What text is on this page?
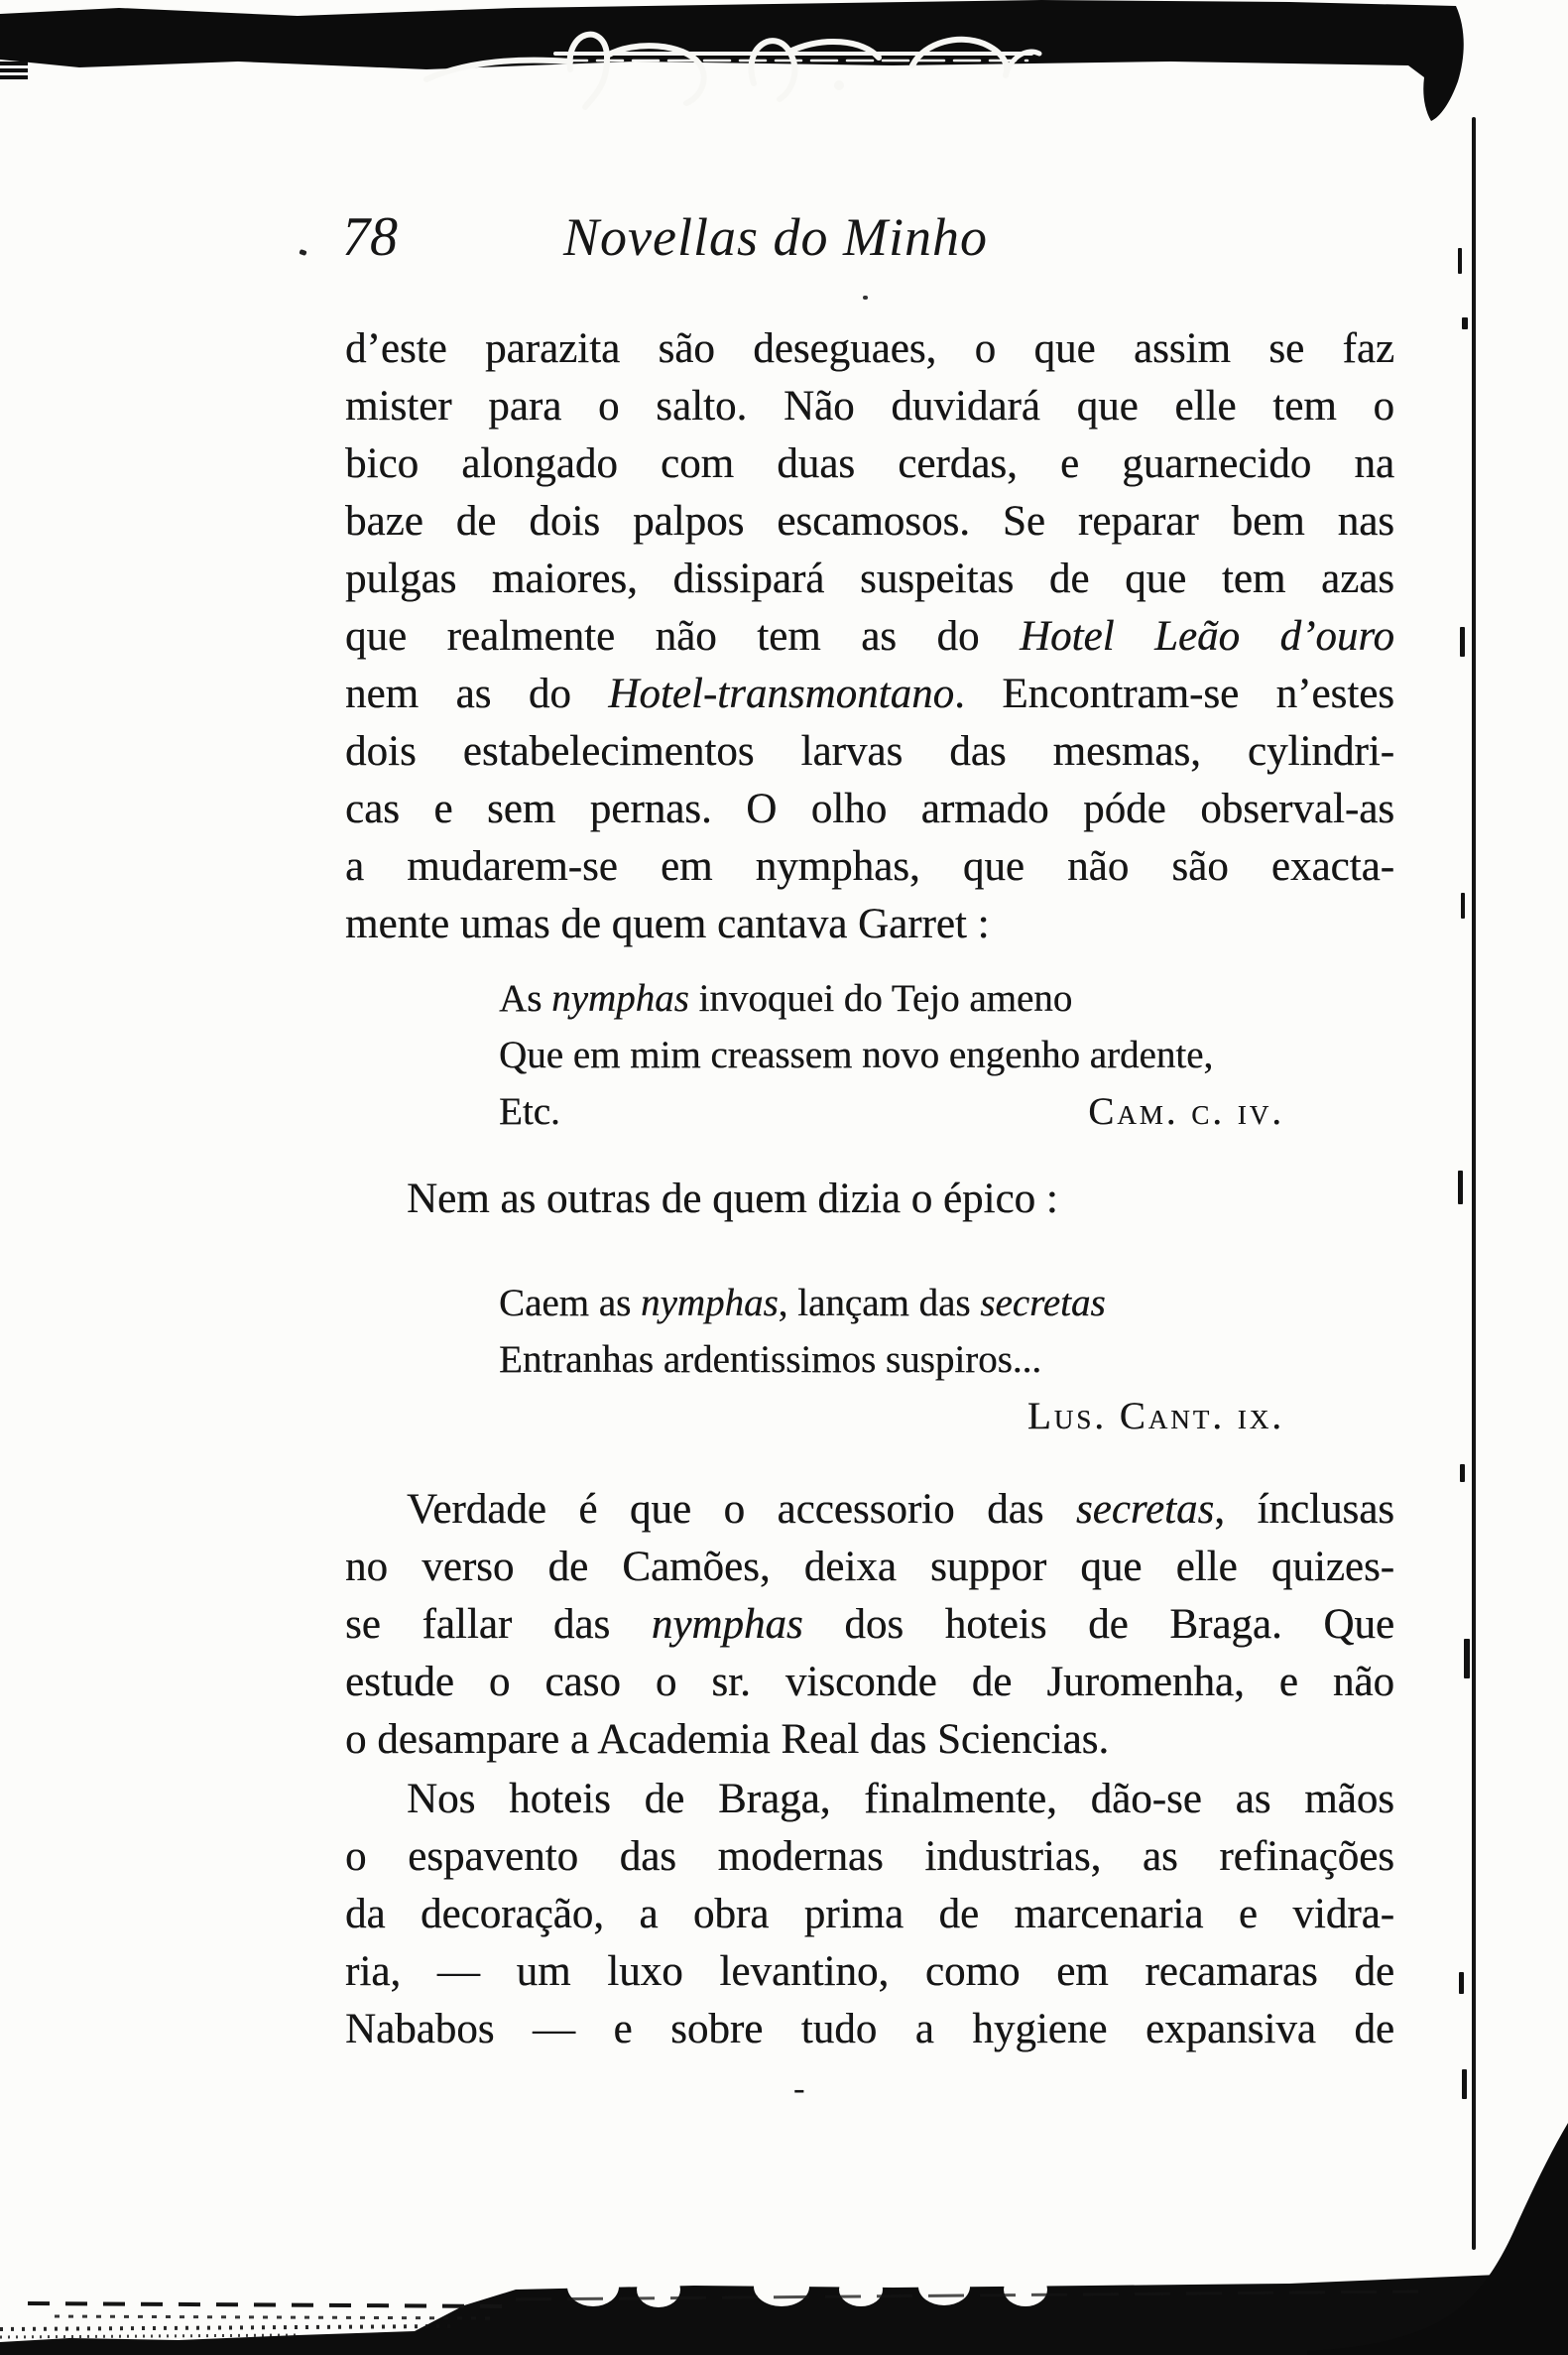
78	Novellas do Minho
d’este parazita são deseguaes, o que assim se faz
mister para o salto. Não duvidará que elle tem o
bico alongado com duas cerdas, e guarnecido na
baze de dois palpos escamosos. Se reparar bem nas
pulgas maiores, dissipará suspeitas de que tem azas
que realmente não tem as do Hotel Leão d’ouro
nem as do Hotel-transmontano. Encontram-se n’estes
dois estabelecimentos larvas das mesmas, cylindri-
cas e sem pernas. O olho armado póde observal-as
a mudarem-se em nymphas, que não são exacta-
mente umas de quem cantava Garret :
As nymphas invoquei do Tejo ameno
Que em mim creassem novo engenho ardente,
Etc.	Cam. c. iv.
Nem as outras de quem dizia o épico :
Caem as nymphas, lançam das secretas
Entranhas ardentissimos suspiros...
Lus. Cant. ix.
Verdade é que o accessorio das secretas, ínclusas
no verso de Camões, deixa suppor que elle quizes-
se fallar das nymphas dos hoteis de Braga. Que
estude o caso o sr. visconde de Juromenha, e não
o desampare a Academia Real das Sciencias.
Nos hoteis de Braga, finalmente, dão-se as mãos
o espavento das modernas industrias, as refinações
da decoração, a obra prima de marcenaria e vidra-
ria, — um luxo levantino, como em recamaras de
Nababos — e sobre tudo a hygiene expansiva de
-
